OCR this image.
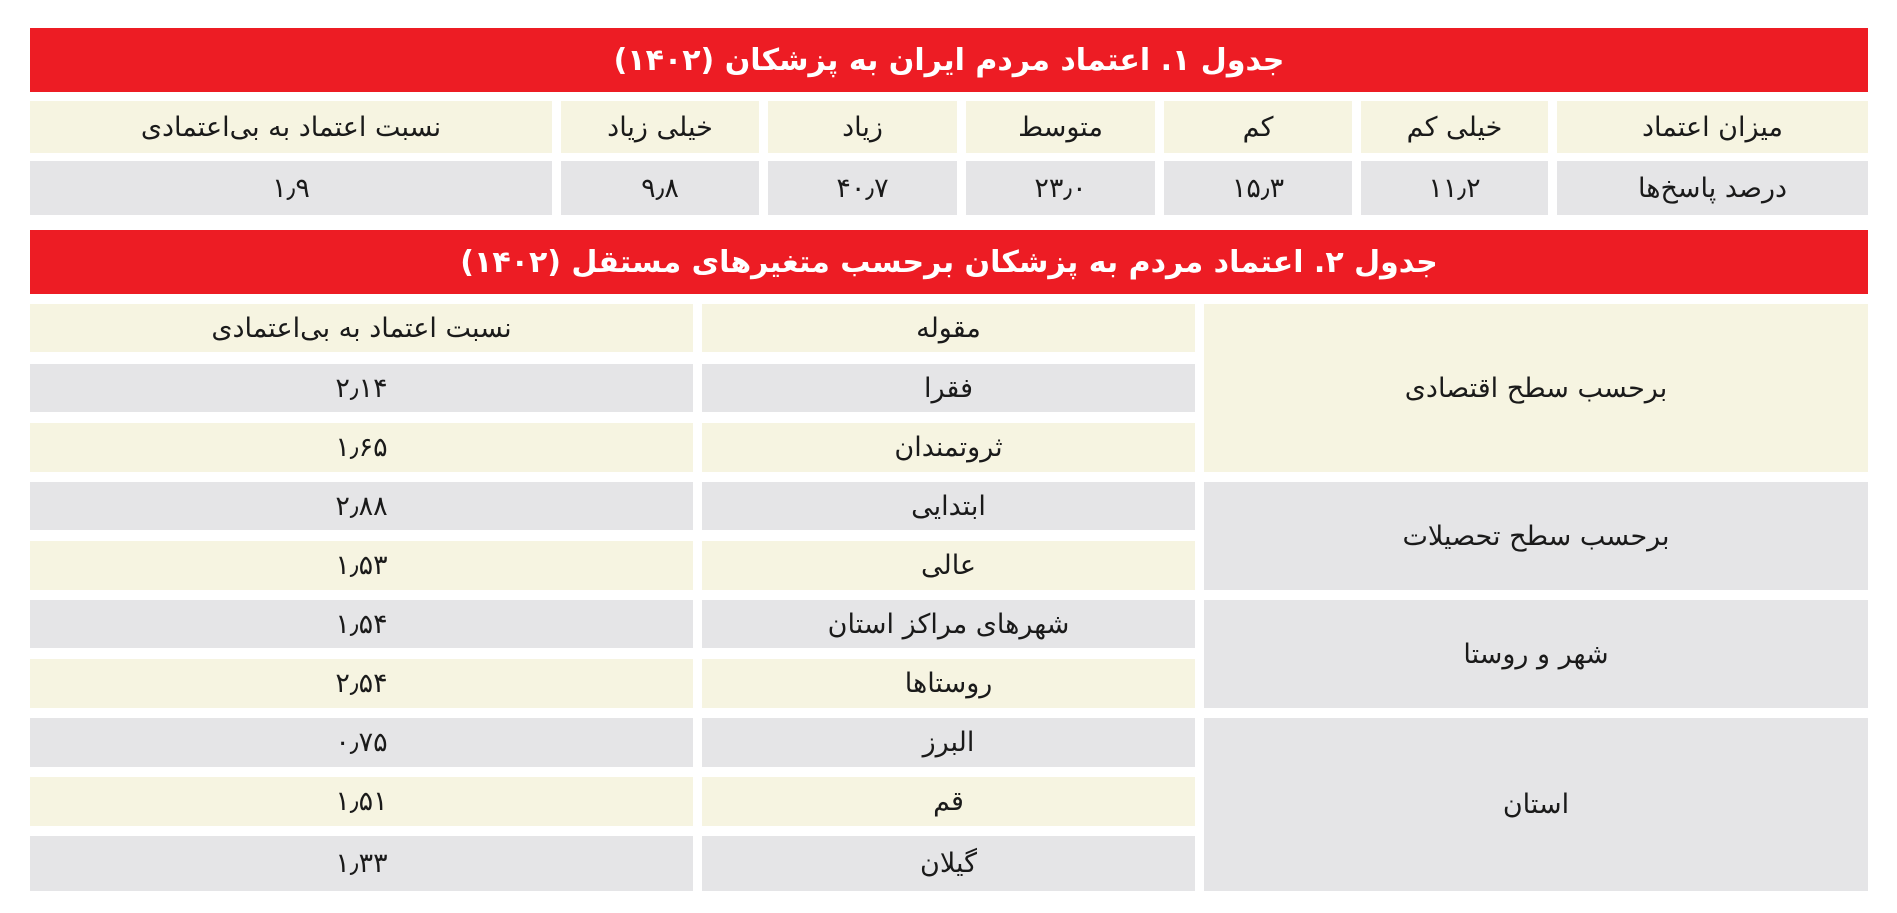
جدول ۱. اعتماد مردم ایران به پزشکان (۱۴۰۲)
میزان اعتماد
خیلی کم
کم
متوسط
زیاد
خیلی زیاد
نسبت اعتماد به بی‌اعتمادی
درصد پاسخ‌ها
۱۱٫۲
۱۵٫۳
۲۳٫۰
۴۰٫۷
۹٫۸
۱٫۹
جدول ۲. اعتماد مردم به پزشکان برحسب متغیرهای مستقل (۱۴۰۲)
برحسب سطح اقتصادی
برحسب سطح تحصیلات
شهر و روستا
استان
مقوله
نسبت اعتماد به بی‌اعتمادی
فقرا
۲٫۱۴
ثروتمندان
۱٫۶۵
ابتدایی
۲٫۸۸
عالی
۱٫۵۳
شهرهای مراکز استان
۱٫۵۴
روستاها
۲٫۵۴
البرز
۰٫۷۵
قم
۱٫۵۱
گیلان
۱٫۳۳
